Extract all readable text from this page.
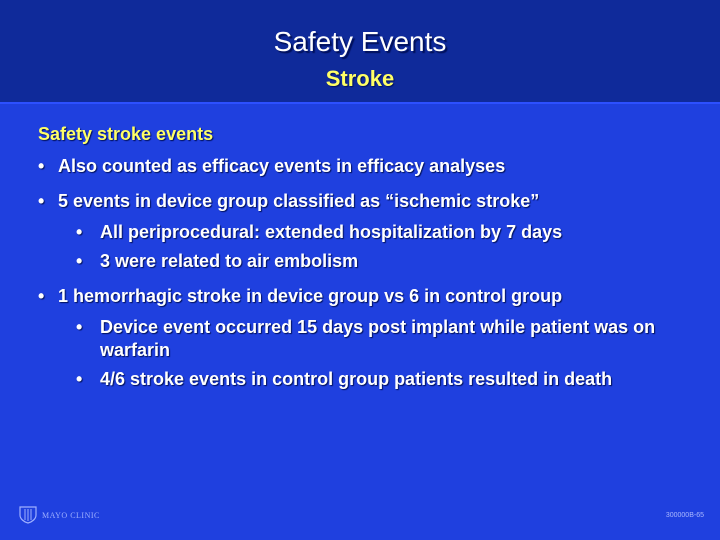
Safety Events
Stroke
Safety stroke events
• Also counted as efficacy events in efficacy analyses
• 5 events in device group classified as “ischemic stroke”
• All periprocedural: extended hospitalization by 7 days
• 3 were related to air embolism
• 1 hemorrhagic stroke in device group vs 6 in control group
• Device event occurred 15 days post implant while patient was on warfarin
• 4/6 stroke events in control group patients resulted in death
MAYO CLINIC	300000B-65
